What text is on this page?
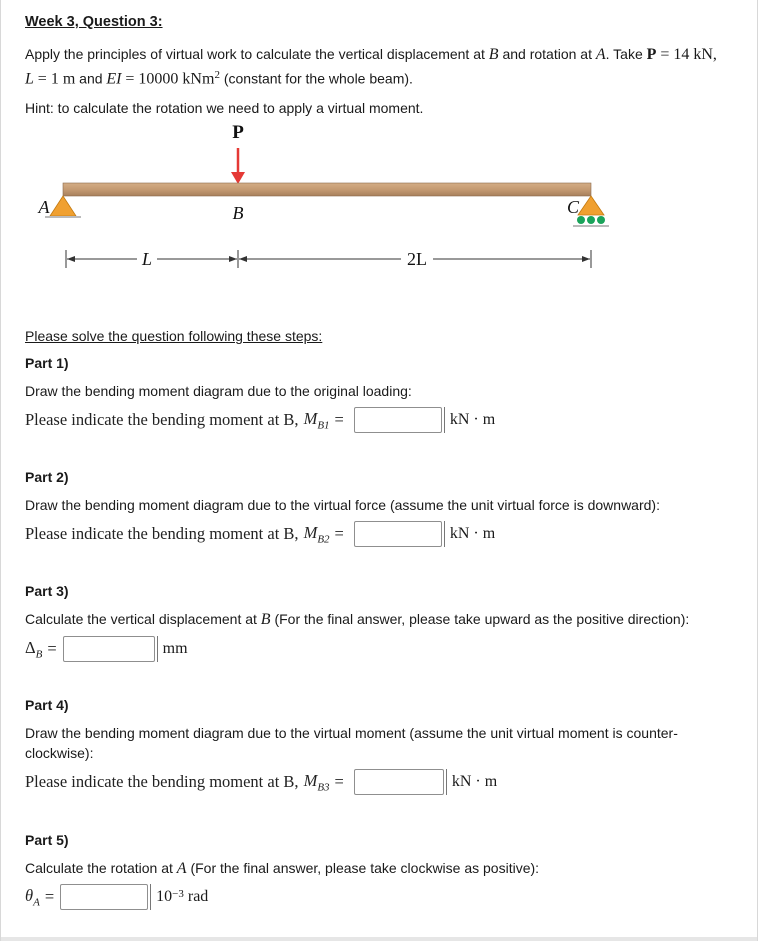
Week 3, Question 3:

Apply the principles of virtual work to calculate the vertical displacement at B and rotation at A. Take P = 14 kN,
L = 1 m and EI = 10000 kNm$^2$ (constant for the whole beam).

Hint: to calculate the rotation we need to apply a virtual moment.

P
A	B	C
L	2L

Please solve the question following these steps:

Part 1)
Draw the bending moment diagram due to the original loading:
Please indicate the bending moment at B, $M_{B1}$ =	kN · m
Part 2)
Draw the bending moment diagram due to the virtual force (assume the unit virtual force is downward):
Please indicate the bending moment at B, $M_{B2}$ =	kN · m
Part 3)
Calculate the vertical displacement at B (For the final answer, please take upward as the positive direction):
$\Delta_B$ =	mm
Part 4)
Draw the bending moment diagram due to the virtual moment (assume the unit virtual moment is counter-clockwise):
Please indicate the bending moment at B, $M_{B3}$ =	kN · m
Part 5)
Calculate the rotation at A (For the final answer, please take clockwise as positive):
$\theta_A$ =	$10^{-3}$ rad
